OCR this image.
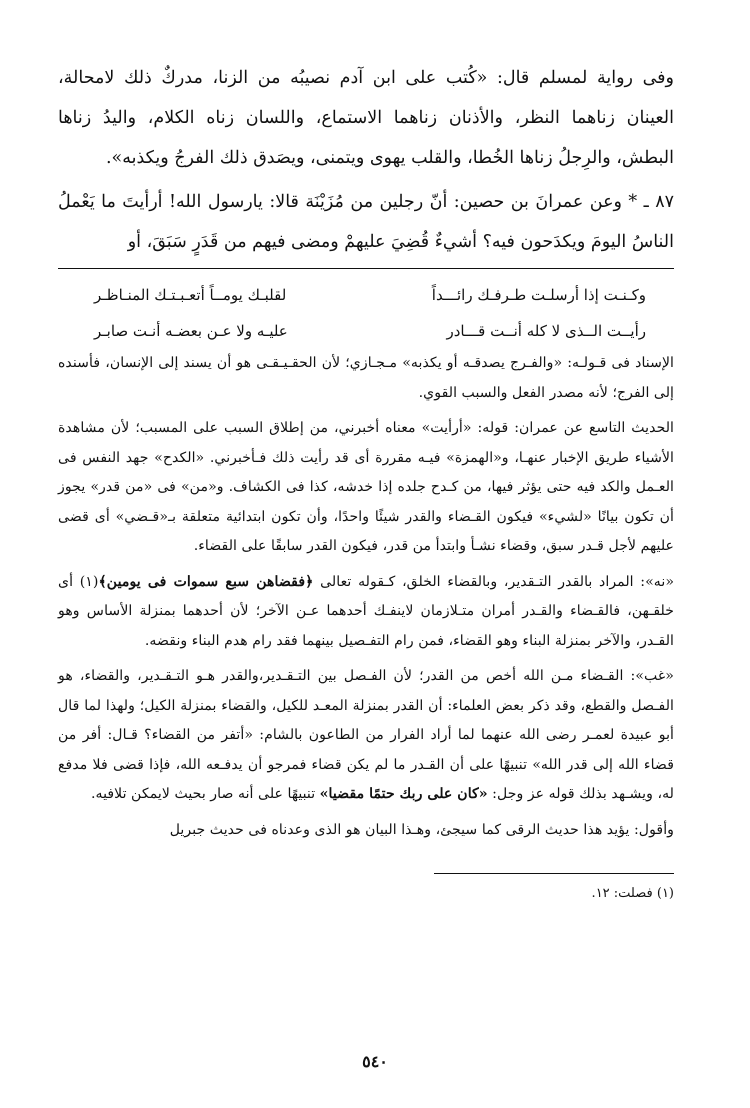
وفى رواية لمسلم قال: «كُتب على ابن آدم نصيبُه من الزنا، مدركٌ ذلك لامحالة، العينان زناهما النظر، والأذنان زناهما الاستماع، واللسان زناه الكلام، واليدُ زناها البطش، والرِجلُ زناها الخُطا، والقلب يهوى ويتمنى، ويصَدق ذلك الفرجُ ويكذبه».

٨٧ ـ * وعن عمرانَ بن حصين: أنّ رجلين من مُزَيْنَة قالا: يارسول الله! أرأيتَ ما يَعْملُ الناسُ اليومَ ويكدَحون فيه؟ أشيءٌ قُضِيَ عليهمْ ومضى فيهم من قَدَرٍ سَبَقَ، أو

وكـنـت إذا أرسلـت طـرفـك رائـــداً
لقلبـك يومــاً أتعـبـتـك المنـاظـر
رأيــت الــذى لا كله أنــت قـــادر
عليـه ولا عـن بعضـه أنـت صابـر

الإسناد فى قـولـه: «والفـرج يصدقـه أو يكذبه» مـجـازي؛ لأن الحقـيـقـى هو أن يسند إلى الإنسان، فأسنده إلى الفرج؛ لأنه مصدر الفعل والسبب القوي.

الحديث التاسع عن عمران: قوله: «أرأيت» معناه أخبرني، من إطلاق السبب على المسبب؛ لأن مشاهدة الأشياء طريق الإخبار عنهـا، و«الهمزة» فيـه مقررة أى قد رأيت ذلك فـأخبرني. «الكدح» جهد النفس فى العـمل والكد فيه حتى يؤثر فيها، من كـدح جلده إذا خدشه، كذا فى الكشاف. و«من» فى «من قدر» يجوز أن تكون بيانًا «لشيء» فيكون القـضاء والقدر شيئًا واحدًا، وأن تكون ابتدائية متعلقة بـ«قـضي» أى قضى عليهم لأجل قـدر سبق، وقضاء نشـأ وابتدأ من قدر، فيكون القدر سابقًا على القضاء.

«نه»: المراد بالقدر التـقدير، وبالقضاء الخلق، كـقوله تعالى ﴿فقضاهن سبع سموات فى يومين﴾(١) أى خلقـهن، فالقـضاء والقـدر أمران متـلازمان لاينفـك أحدهما عـن الآخر؛ لأن أحدهما بمنزلة الأساس وهو القـدر، والآخر بمنزلة البناء وهو القضاء، فمن رام التفـصيل بينهما فقد رام هدم البناء ونقضه.

«غب»: القـضاء مـن الله أخص من القدر؛ لأن الفـصل بين التـقـدير،والقدر هـو التـقـدير، والقضاء، هو الفـصل والقطع، وقد ذكر بعض العلماء: أن القدر بمنزلة المعـد للكيل، والقضاء بمنزلة الكيل؛ ولهذا لما قال أبو عبيدة لعمـر رضى الله عنهما لما أراد الفرار من الطاعون بالشام: «أتفر من القضاء؟ قـال: أفر من قضاء الله إلى قدر الله» تنبيهًا على أن القـدر ما لم يكن قضاء فمرجو أن يدفـعه الله، فإذا قضى فلا مدفع له، ويشـهد بذلك قوله عز وجل: «كان على ربك حتمًا مقضيا» تنبيهًا على أنه صار بحيث لايمكن تلافيه.

وأقول: يؤيد هذا حديث الرقى كما سيجئ، وهـذا البيان هو الذى وعدناه فى حديث جبريل

(١) فصلت: ١٢.
٥٤٠
